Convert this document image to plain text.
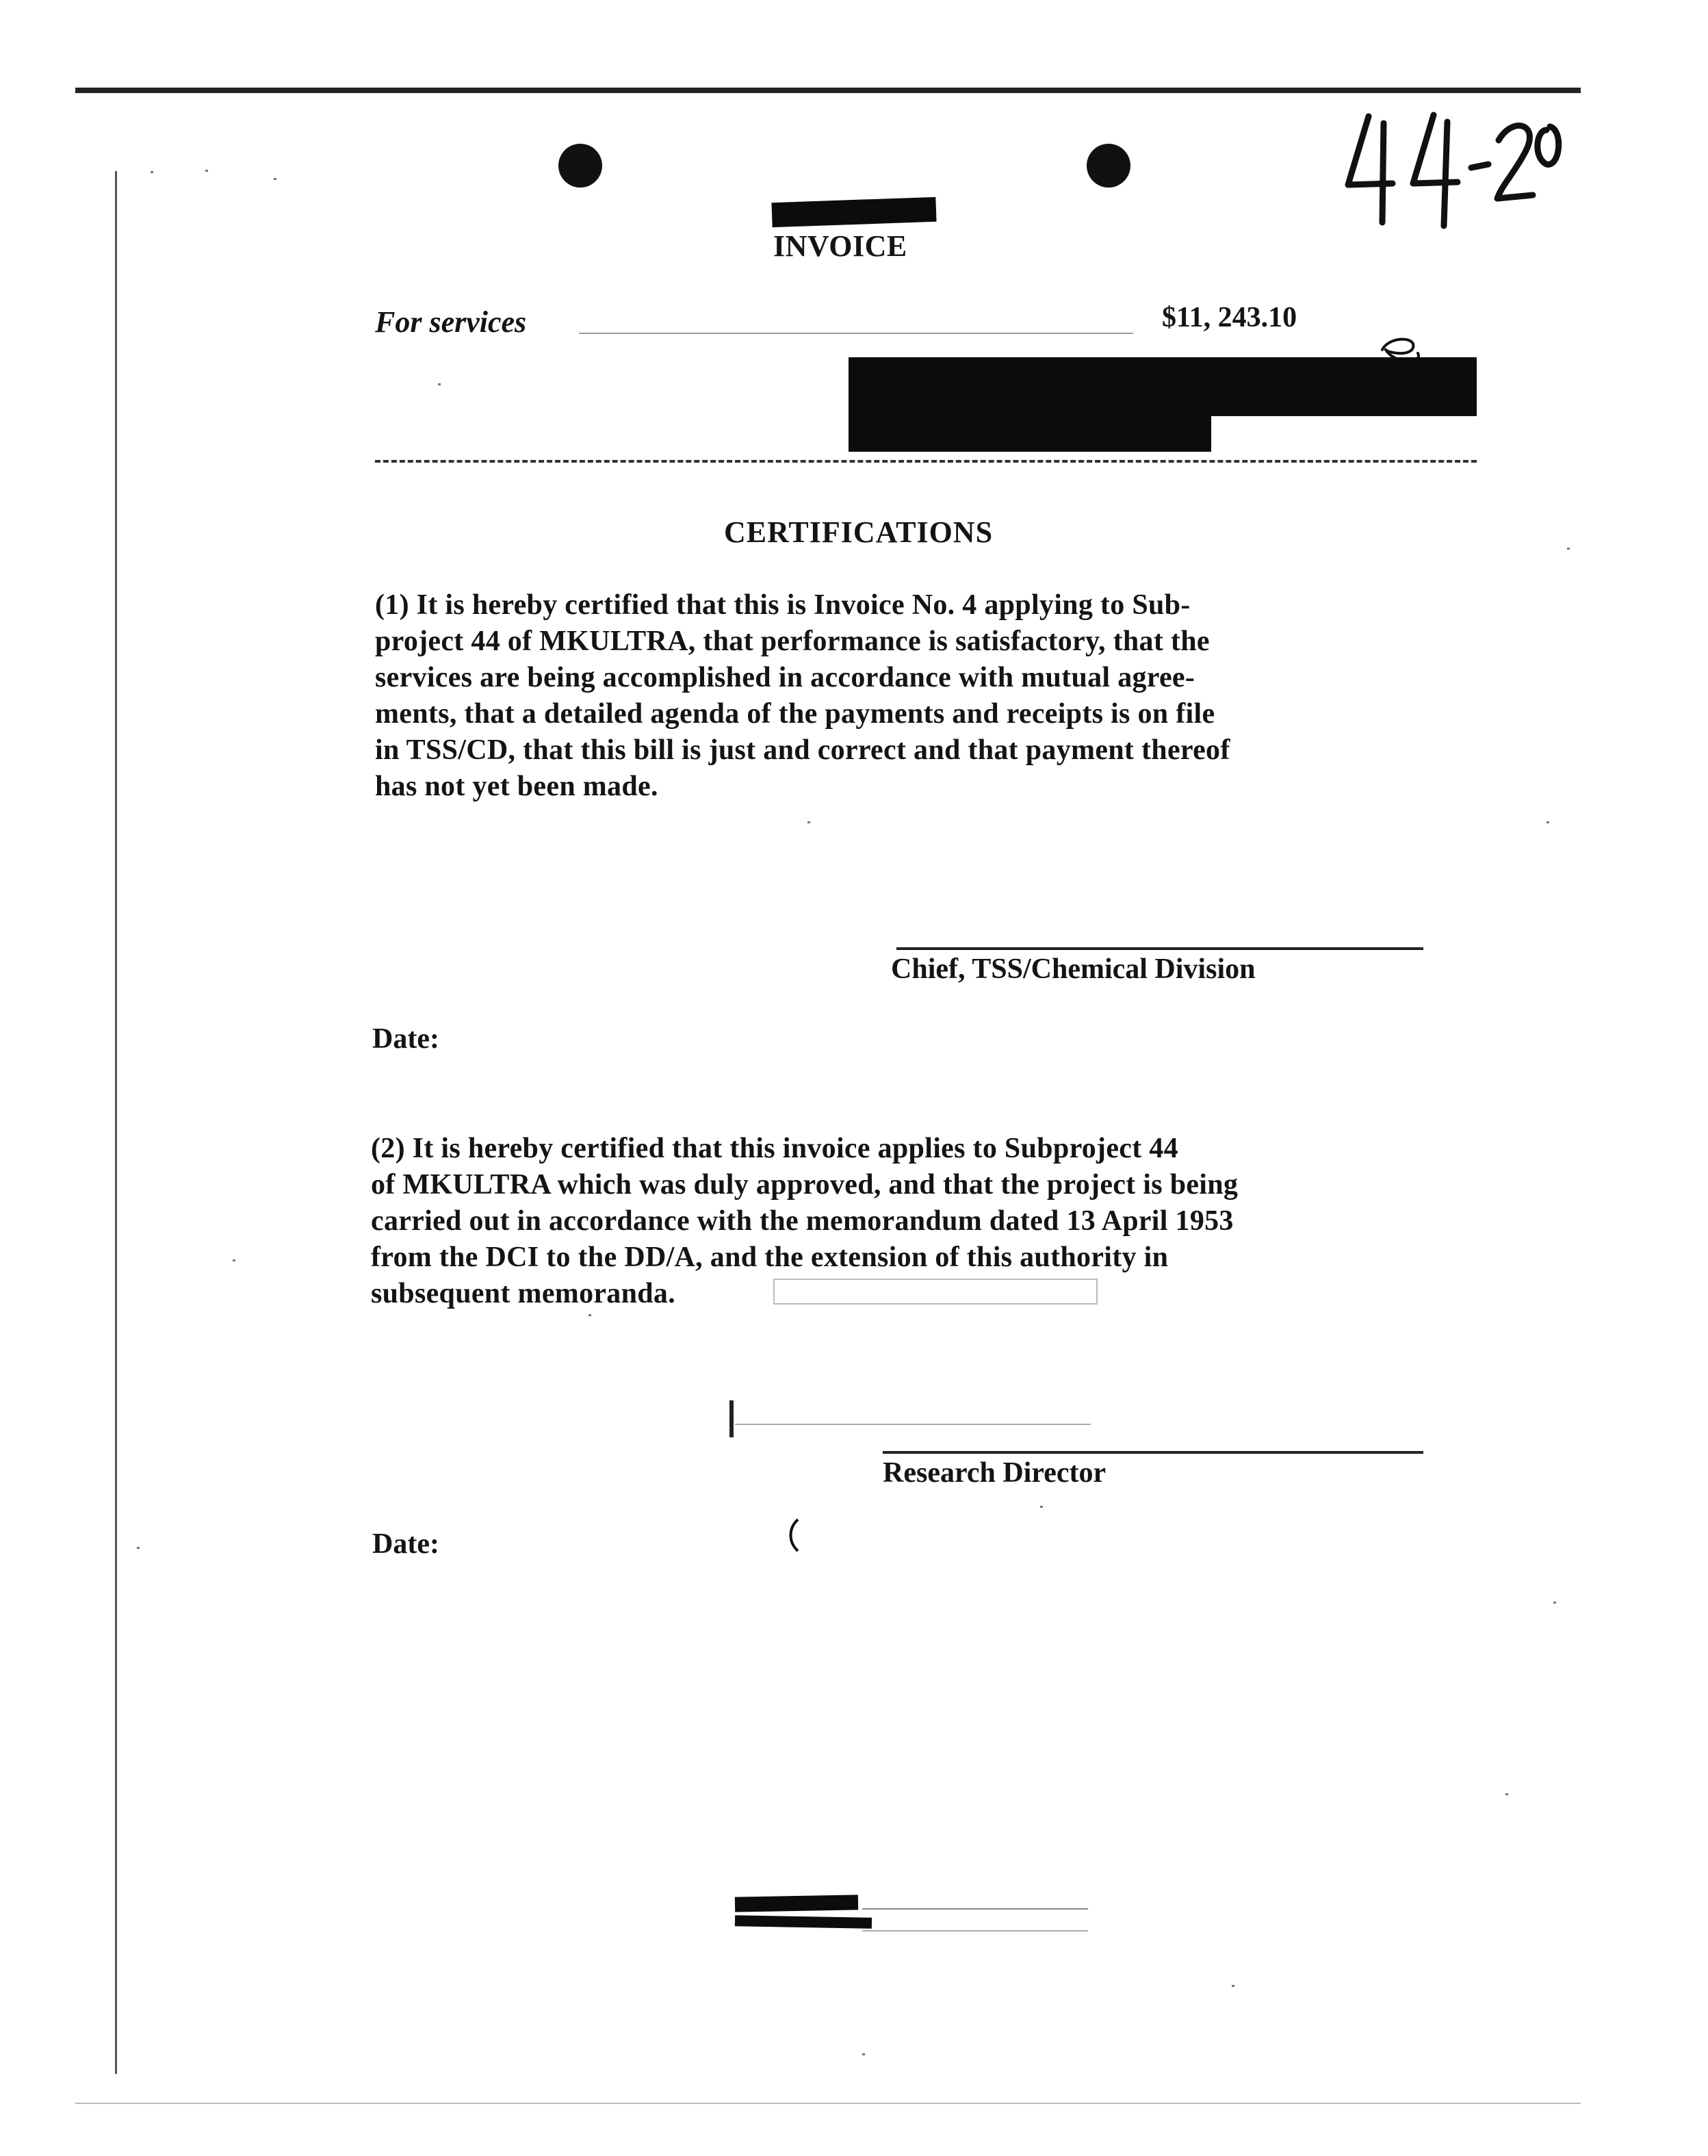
INVOICE
For services	$11, 243.10
CERTIFICATIONS
(1) It is hereby certified that this is Invoice No. 4 applying to Sub-
project 44 of MKULTRA, that performance is satisfactory, that the
services are being accomplished in accordance with mutual agree-
ments, that a detailed agenda of the payments and receipts is on file
in TSS/CD, that this bill is just and correct and that payment thereof
has not yet been made.
Chief, TSS/Chemical Division
Date:
(2) It is hereby certified that this invoice applies to Subproject 44
of MKULTRA which was duly approved, and that the project is being
carried out in accordance with the memorandum dated 13 April 1953
from the DCI to the DD/A, and the extension of this authority in
subsequent memoranda.
Research Director
Date:
